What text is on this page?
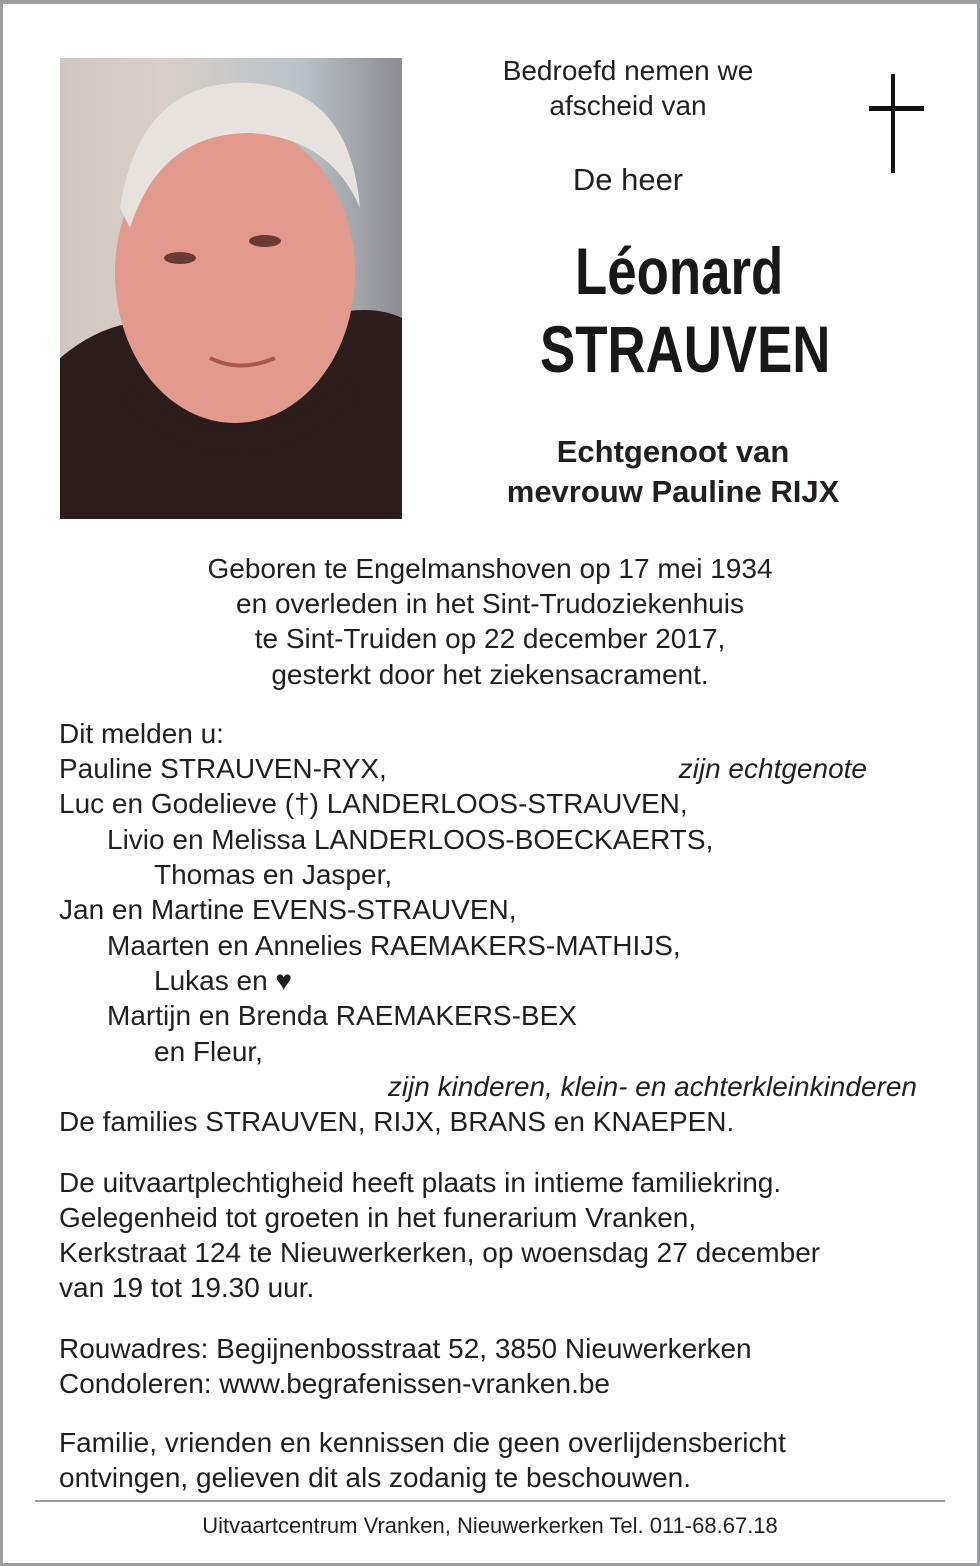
Bedroefd nemen we
afscheid van
De heer
Léonard
STRAUVEN
Echtgenoot van
mevrouw Pauline RIJX
Geboren te Engelmanshoven op 17 mei 1934
en overleden in het Sint-Trudoziekenhuis
te Sint-Truiden op 22 december 2017,
gesterkt door het ziekensacrament.
Dit melden u:
Pauline STRAUVEN-RYX,	zijn echtgenote
Luc en Godelieve (†) LANDERLOOS-STRAUVEN,
Livio en Melissa LANDERLOOS-BOECKAERTS,
Thomas en Jasper,
Jan en Martine EVENS-STRAUVEN,
Maarten en Annelies RAEMAKERS-MATHIJS,
Lukas en ♥
Martijn en Brenda RAEMAKERS-BEX
en Fleur,
zijn kinderen, klein- en achterkleinkinderen
De families STRAUVEN, RIJX, BRANS en KNAEPEN.
De uitvaartplechtigheid heeft plaats in intieme familiekring.
Gelegenheid tot groeten in het funerarium Vranken,
Kerkstraat 124 te Nieuwerkerken, op woensdag 27 december
van 19 tot 19.30 uur.
Rouwadres: Begijnenbosstraat 52, 3850 Nieuwerkerken
Condoleren: www.begrafenissen-vranken.be
Familie, vrienden en kennissen die geen overlijdensbericht
ontvingen, gelieven dit als zodanig te beschouwen.
Uitvaartcentrum Vranken, Nieuwerkerken Tel. 011-68.67.18
